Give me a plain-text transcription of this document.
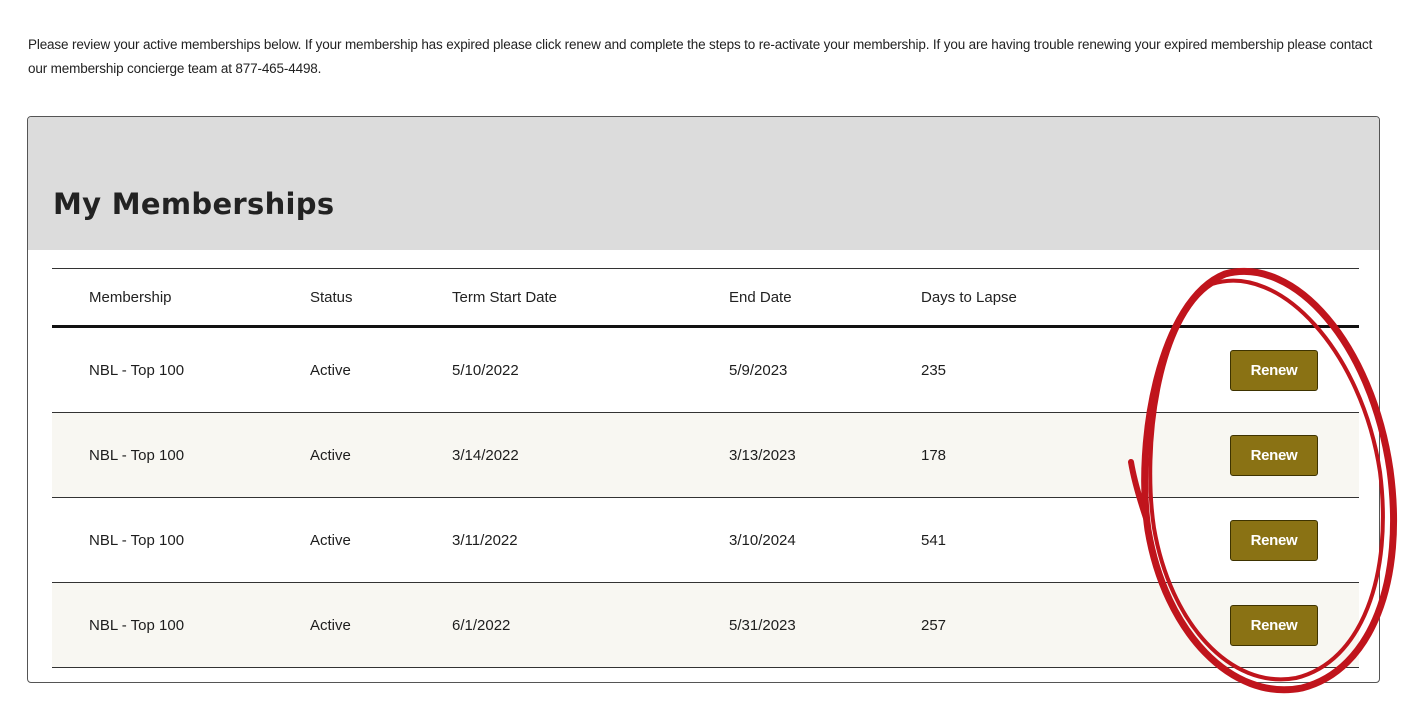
Please review your active memberships below. If your membership has expired please click renew and complete the steps to re-activate your membership. If you are having trouble renewing your expired membership please contact our membership concierge team at 877-465-4498.

My Memberships
Membership	Status	Term Start Date	End Date	Days to Lapse
NBL - Top 100	Active	5/10/2022	5/9/2023	235	Renew
NBL - Top 100	Active	3/14/2022	3/13/2023	178	Renew
NBL - Top 100	Active	3/11/2022	3/10/2024	541	Renew
NBL - Top 100	Active	6/1/2022	5/31/2023	257	Renew
